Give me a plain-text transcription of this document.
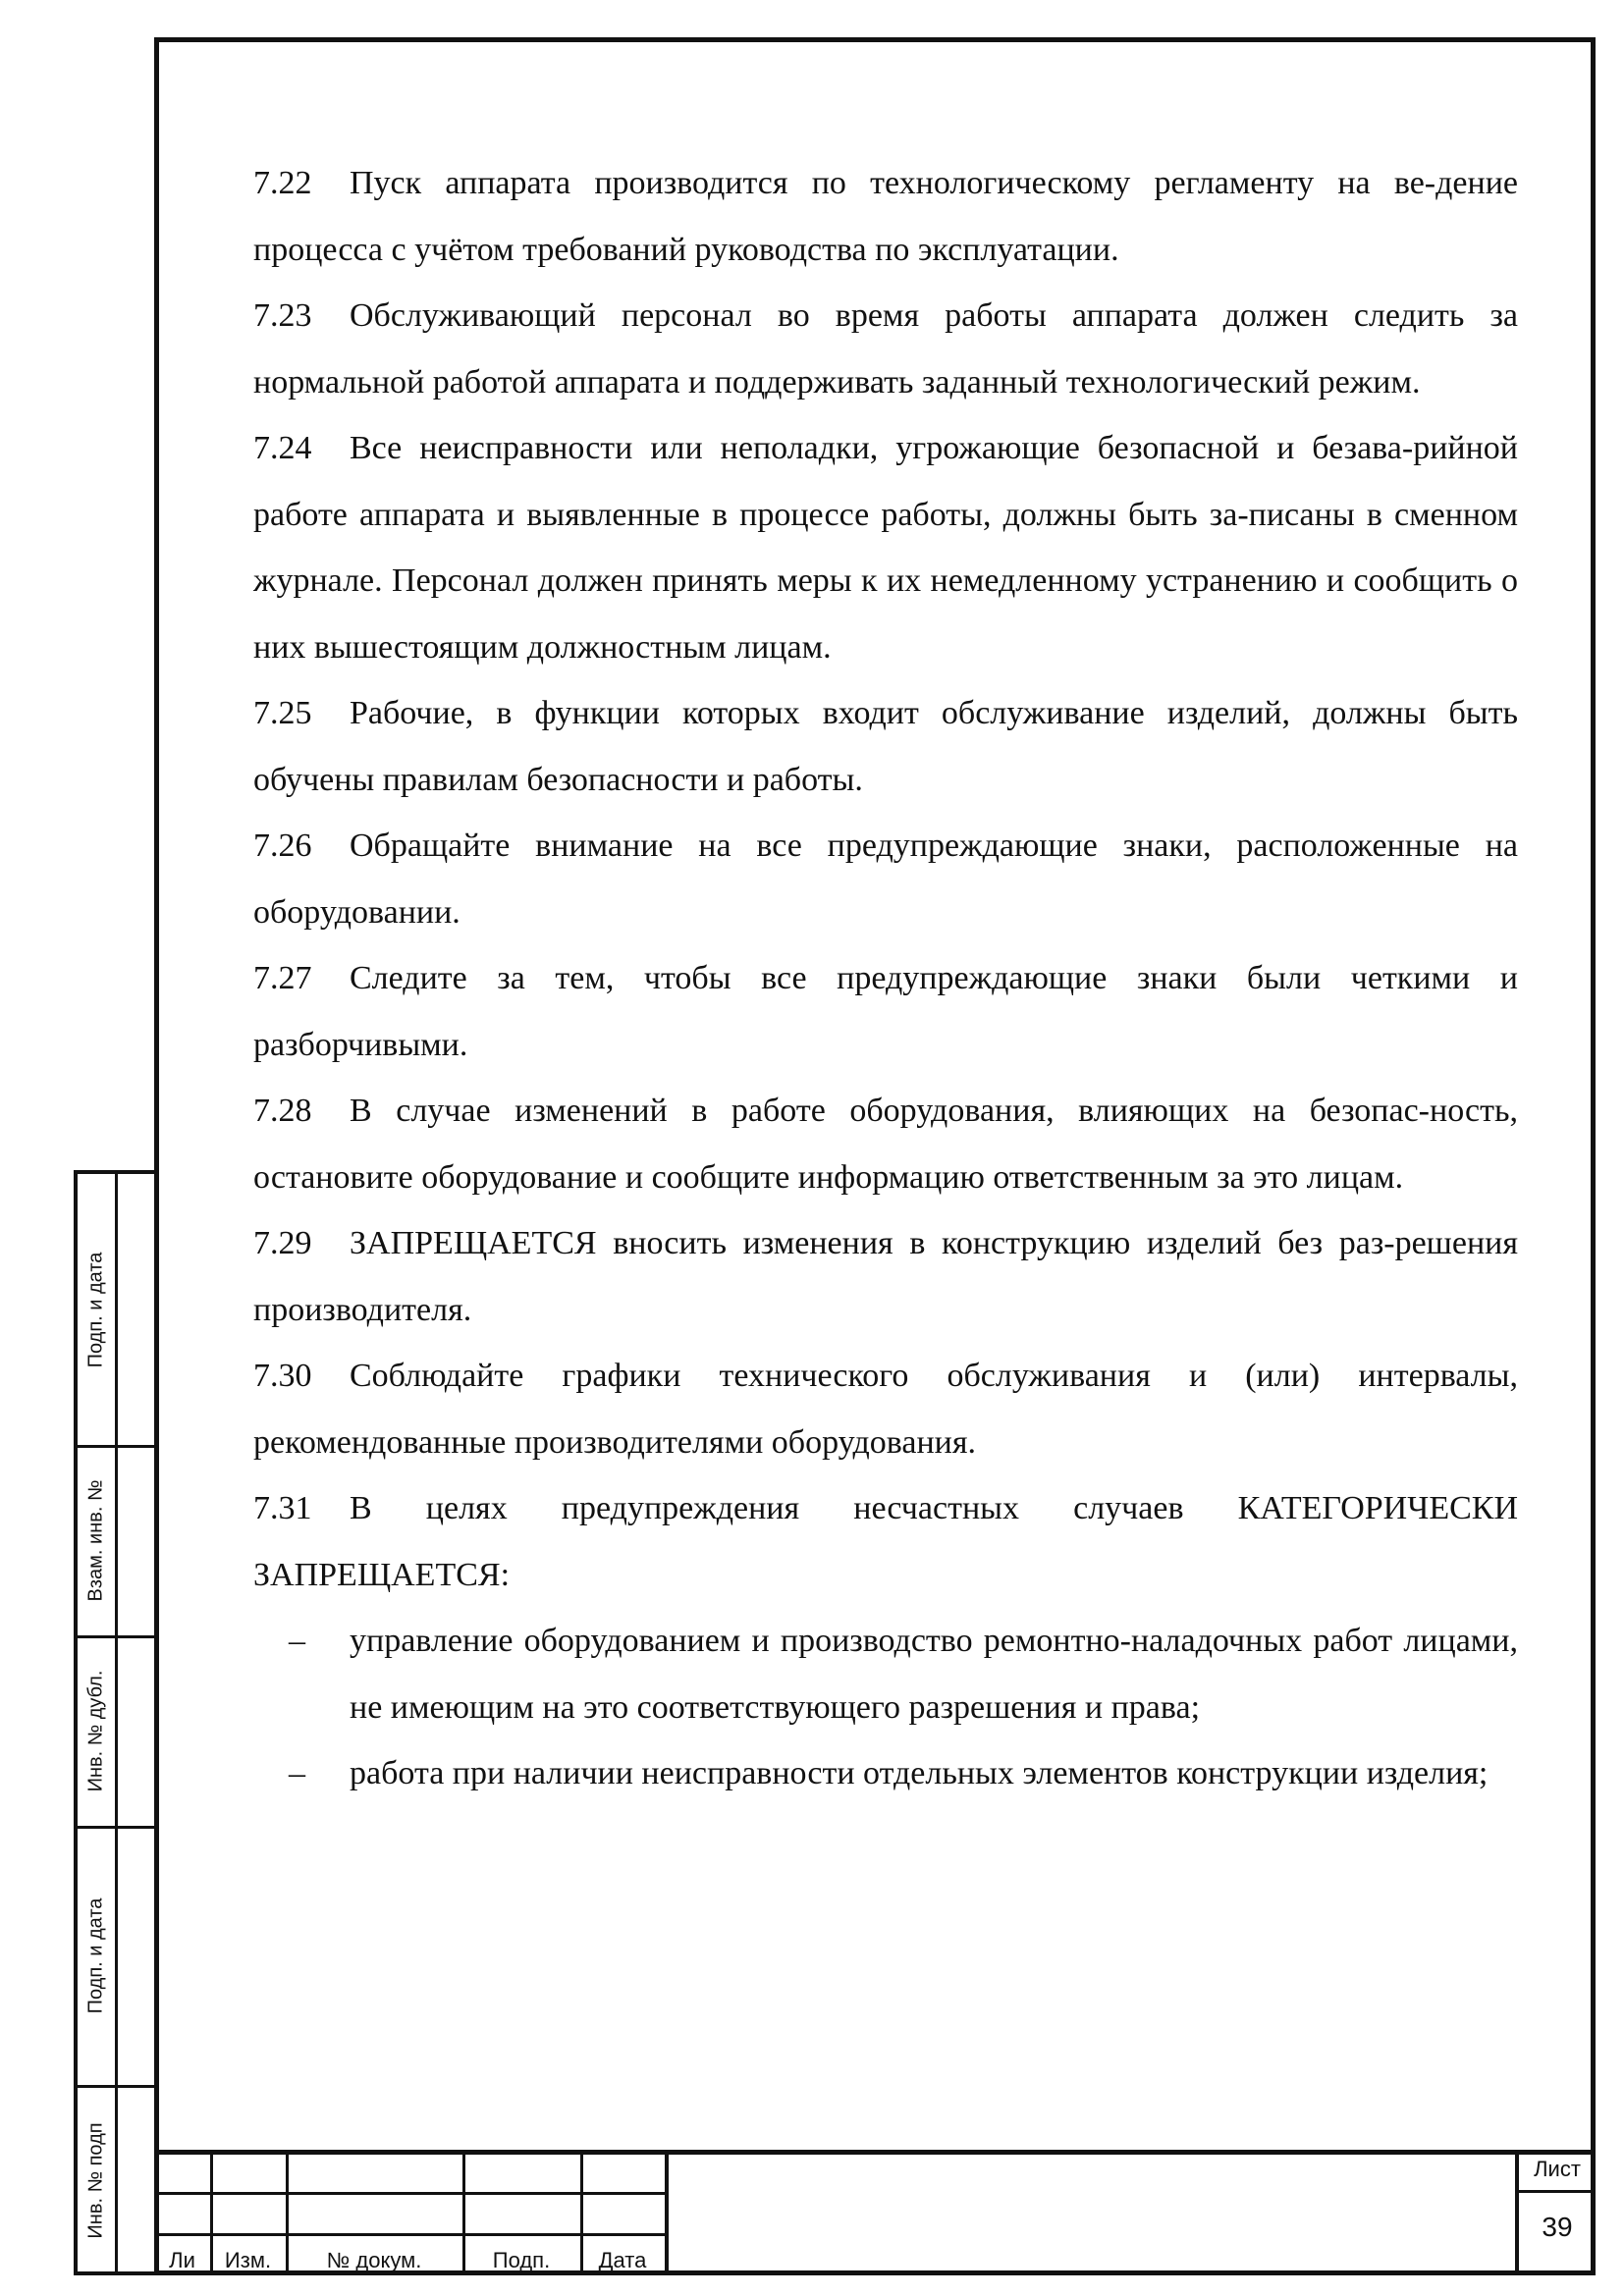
Подп. и дата
Взам. инв. №
Инв. № дубл.
Подп. и дата
Инв. № подп

7.22 Пуск аппарата производится по технологическому регламенту на ве-дение процесса с учётом требований руководства по эксплуатации.

7.23 Обслуживающий персонал во время работы аппарата должен следить за нормальной работой аппарата и поддерживать заданный технологический режим.

7.24 Все неисправности или неполадки, угрожающие безопасной и безава-рийной работе аппарата и выявленные в процессе работы, должны быть за-писаны в сменном журнале. Персонал должен принять меры к их немедленному устранению и сообщить о них вышестоящим должностным лицам.

7.25 Рабочие, в функции которых входит обслуживание изделий, должны быть обучены правилам безопасности и работы.

7.26 Обращайте внимание на все предупреждающие знаки, расположенные на оборудовании.

7.27 Следите за тем, чтобы все предупреждающие знаки были четкими и разборчивыми.

7.28 В случае изменений в работе оборудования, влияющих на безопас-ность, остановите оборудование и сообщите информацию ответственным за это лицам.

7.29 ЗАПРЕЩАЕТСЯ вносить изменения в конструкцию изделий без раз-решения производителя.

7.30 Соблюдайте графики технического обслуживания и (или) интервалы, рекомендованные производителями оборудования.

7.31 В целях предупреждения несчастных случаев КАТЕГОРИЧЕСКИ ЗАПРЕЩАЕТСЯ:

– управление оборудованием и производство ремонтно-наладочных работ лицами, не имеющим на это соответствующего разрешения и права;

– работа при наличии неисправности отдельных элементов конструкции изделия;

Ли	Изм.	№ докум.	Подп.	Дата
Лист
39
